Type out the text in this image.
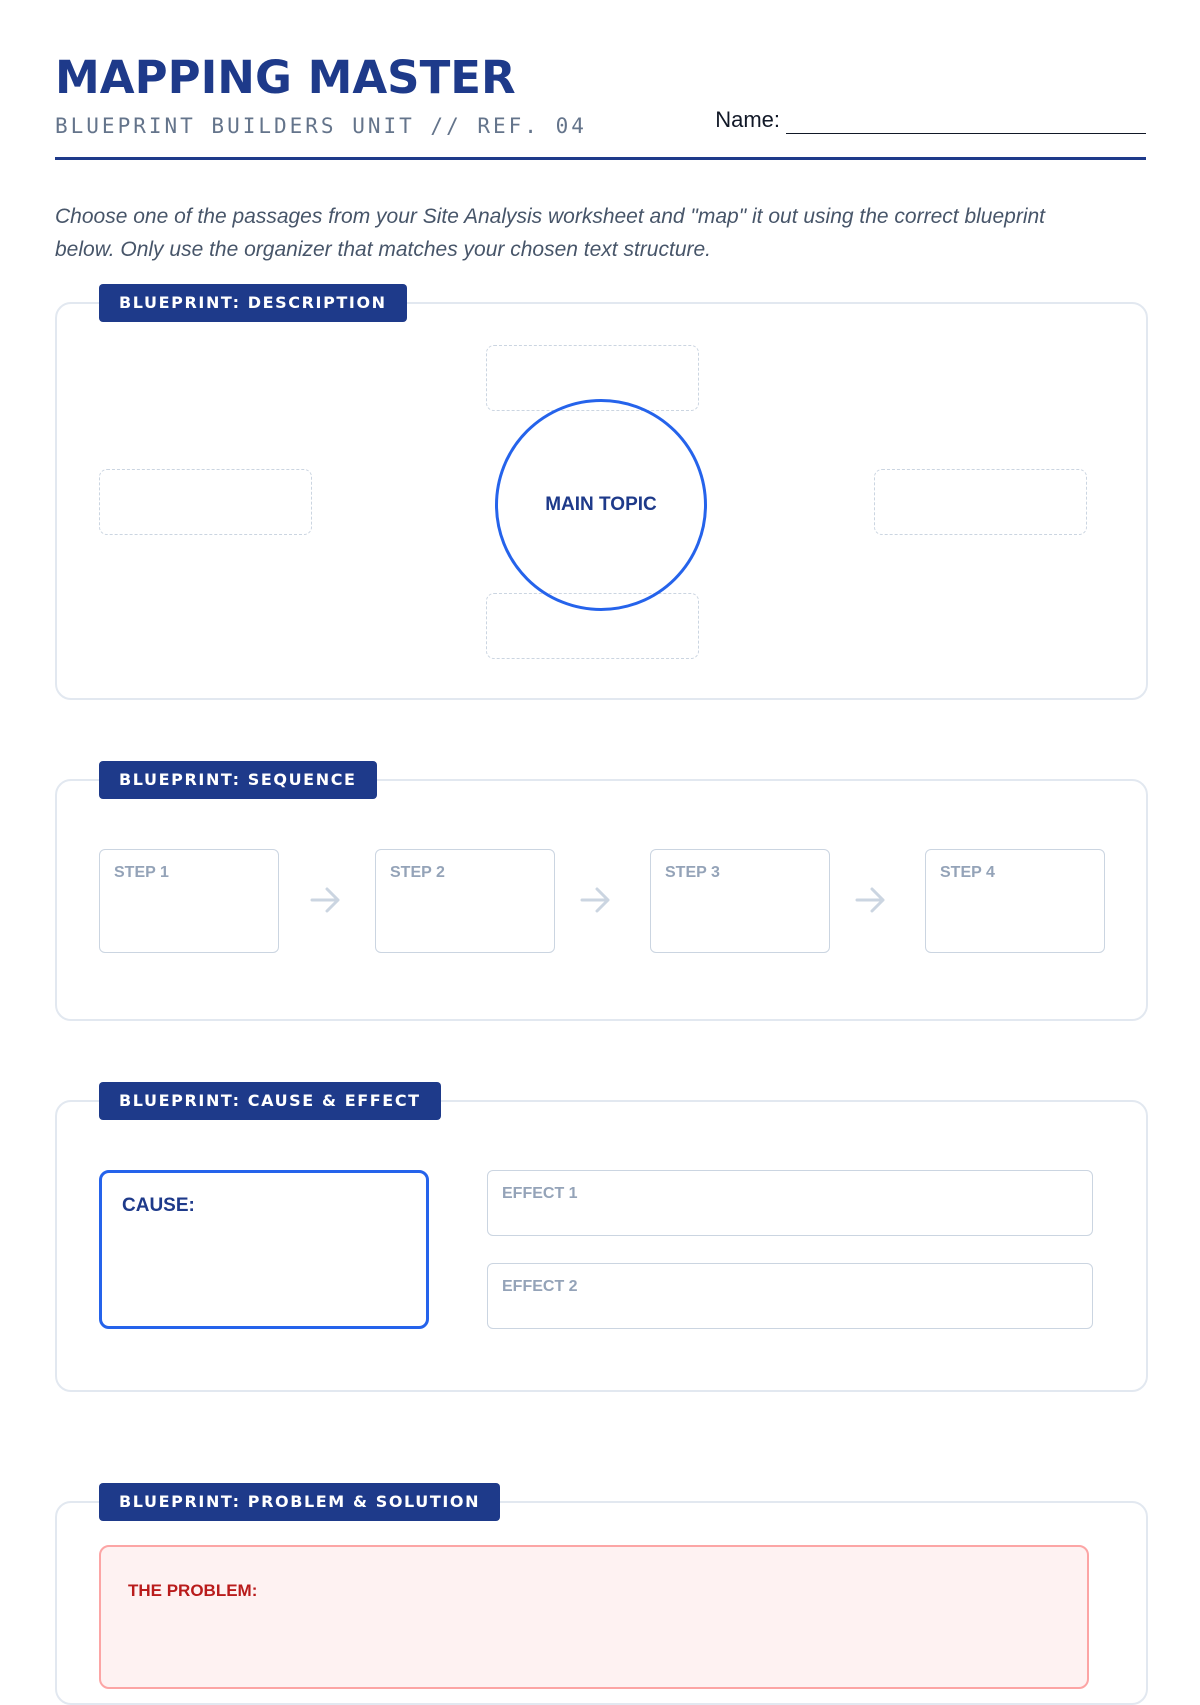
MAPPING MASTER
BLUEPRINT BUILDERS UNIT // REF. 04	Name:

Choose one of the passages from your Site Analysis worksheet and "map" it out using the correct blueprint below. Only use the organizer that matches your chosen text structure.

BLUEPRINT: DESCRIPTION
MAIN TOPIC
BLUEPRINT: SEQUENCE
STEP 1	STEP 2	STEP 3	STEP 4
BLUEPRINT: CAUSE & EFFECT
CAUSE:
EFFECT 1
EFFECT 2
BLUEPRINT: PROBLEM & SOLUTION
THE PROBLEM:
